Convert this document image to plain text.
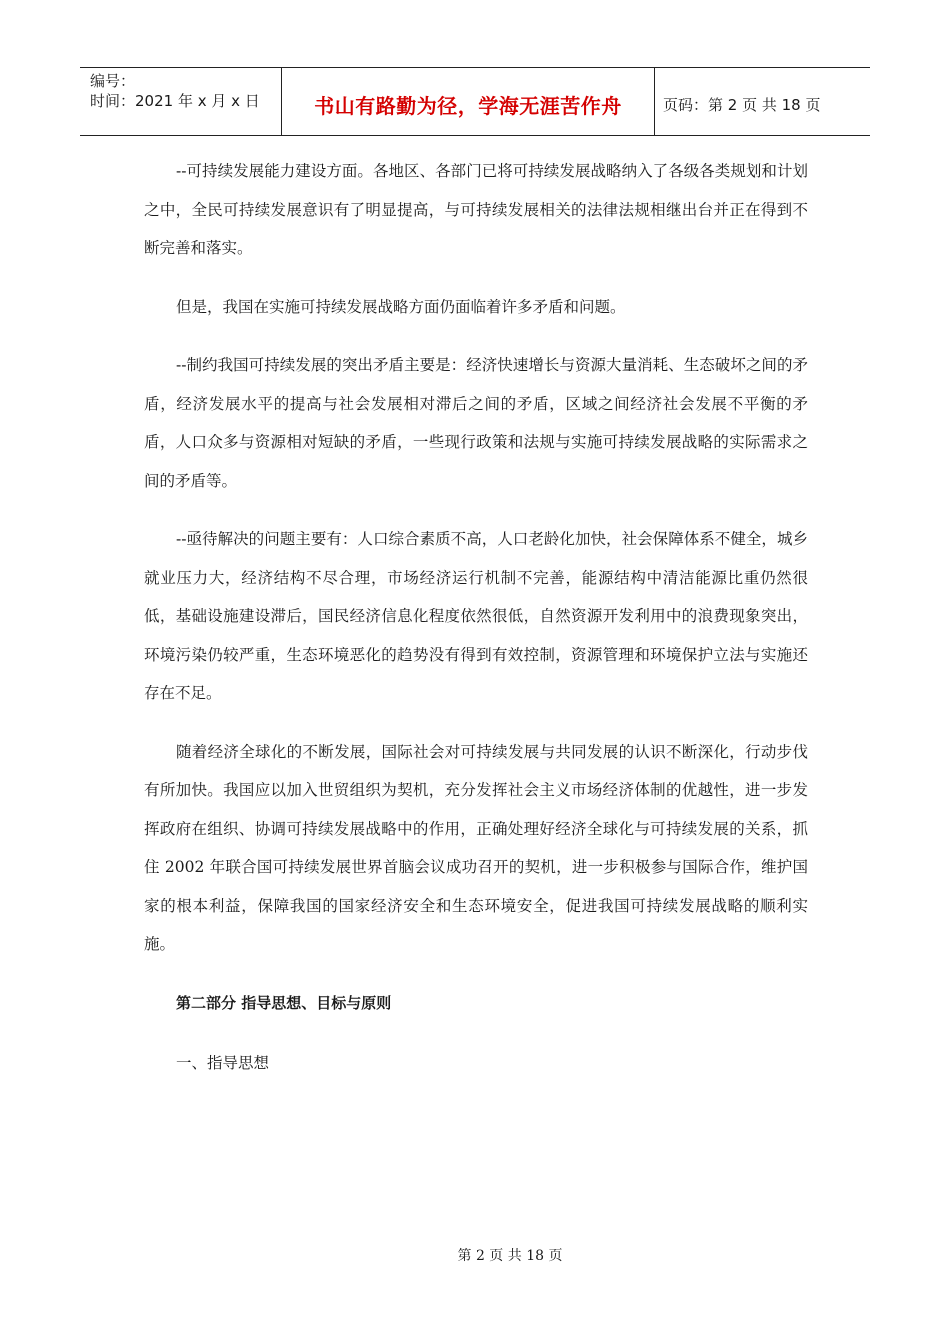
编号：
时间：2021 年 x 月 x 日	书山有路勤为径，学海无涯苦作舟	页码：第 2 页 共 18 页

--可持续发展能力建设方面。各地区、各部门已将可持续发展战略纳入了各级各类规划和计划之中，全民可持续发展意识有了明显提高，与可持续发展相关的法律法规相继出台并正在得到不断完善和落实。

但是，我国在实施可持续发展战略方面仍面临着许多矛盾和问题。

--制约我国可持续发展的突出矛盾主要是：经济快速增长与资源大量消耗、生态破坏之间的矛盾，经济发展水平的提高与社会发展相对滞后之间的矛盾，区域之间经济社会发展不平衡的矛盾，人口众多与资源相对短缺的矛盾，一些现行政策和法规与实施可持续发展战略的实际需求之间的矛盾等。

--亟待解决的问题主要有：人口综合素质不高，人口老龄化加快，社会保障体系不健全，城乡就业压力大，经济结构不尽合理，市场经济运行机制不完善，能源结构中清洁能源比重仍然很低，基础设施建设滞后，国民经济信息化程度依然很低，自然资源开发利用中的浪费现象突出，环境污染仍较严重，生态环境恶化的趋势没有得到有效控制，资源管理和环境保护立法与实施还存在不足。

随着经济全球化的不断发展，国际社会对可持续发展与共同发展的认识不断深化，行动步伐有所加快。我国应以加入世贸组织为契机，充分发挥社会主义市场经济体制的优越性，进一步发挥政府在组织、协调可持续发展战略中的作用，正确处理好经济全球化与可持续发展的关系，抓住 2002 年联合国可持续发展世界首脑会议成功召开的契机，进一步积极参与国际合作，维护国家的根本利益，保障我国的国家经济安全和生态环境安全，促进我国可持续发展战略的顺利实施。

第二部分 指导思想、目标与原则

一、指导思想

第 2 页 共 18 页
